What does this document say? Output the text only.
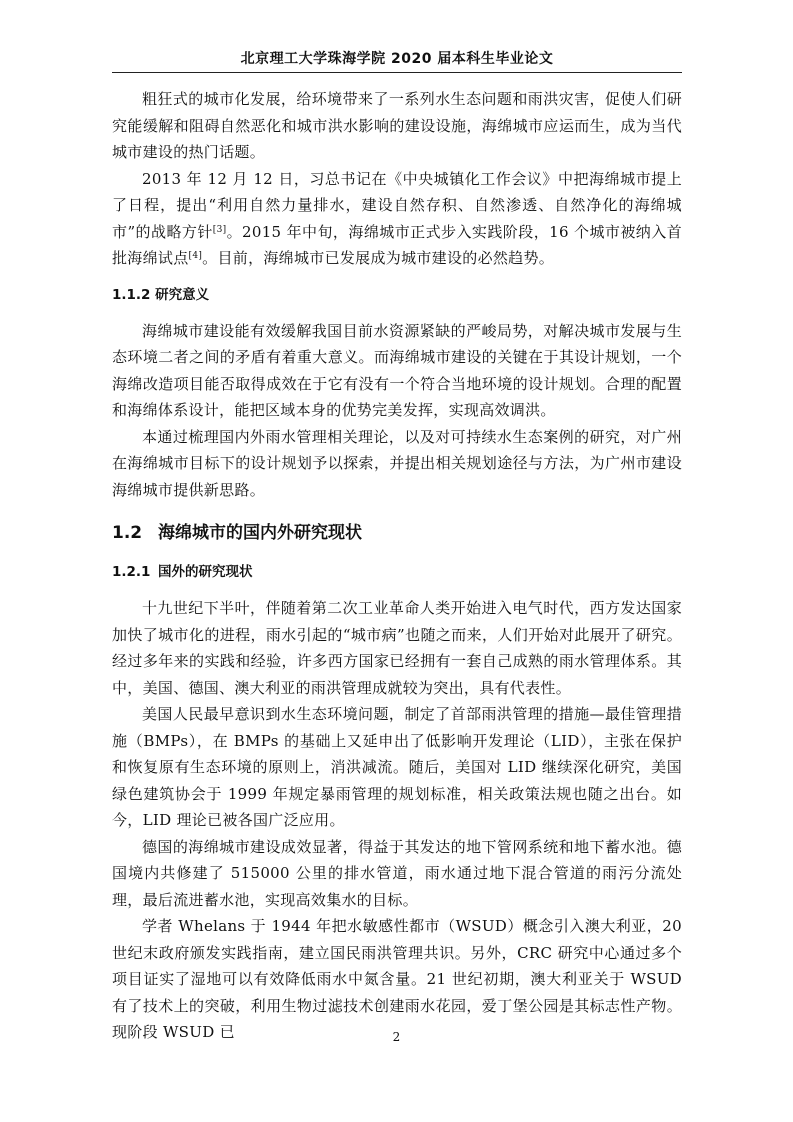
北京理工大学珠海学院 2020 届本科生毕业论文

粗狂式的城市化发展，给环境带来了一系列水生态问题和雨洪灾害，促使人们研究能缓解和阻碍自然恶化和城市洪水影响的建设设施，海绵城市应运而生，成为当代城市建设的热门话题。

2013 年 12 月 12 日，习总书记在《中央城镇化工作会议》中把海绵城市提上了日程，提出“利用自然力量排水，建设自然存积、自然渗透、自然净化的海绵城市”的战略方针[3]。2015 年中旬，海绵城市正式步入实践阶段，16 个城市被纳入首批海绵试点[4]。目前，海绵城市已发展成为城市建设的必然趋势。

1.1.2 研究意义

海绵城市建设能有效缓解我国目前水资源紧缺的严峻局势，对解决城市发展与生态环境二者之间的矛盾有着重大意义。而海绵城市建设的关键在于其设计规划，一个海绵改造项目能否取得成效在于它有没有一个符合当地环境的设计规划。合理的配置和海绵体系设计，能把区域本身的优势完美发挥，实现高效调洪。

本通过梳理国内外雨水管理相关理论，以及对可持续水生态案例的研究，对广州在海绵城市目标下的设计规划予以探索，并提出相关规划途径与方法，为广州市建设海绵城市提供新思路。

1.2 海绵城市的国内外研究现状
1.2.1 国外的研究现状

十九世纪下半叶，伴随着第二次工业革命人类开始进入电气时代，西方发达国家加快了城市化的进程，雨水引起的“城市病”也随之而来，人们开始对此展开了研究。经过多年来的实践和经验，许多西方国家已经拥有一套自己成熟的雨水管理体系。其中，美国、德国、澳大利亚的雨洪管理成就较为突出，具有代表性。

美国人民最早意识到水生态环境问题，制定了首部雨洪管理的措施—最佳管理措施（BMPs），在 BMPs 的基础上又延申出了低影响开发理论（LID），主张在保护和恢复原有生态环境的原则上，消洪减流。随后，美国对 LID 继续深化研究，美国绿色建筑协会于 1999 年规定暴雨管理的规划标准，相关政策法规也随之出台。如今，LID 理论已被各国广泛应用。

德国的海绵城市建设成效显著，得益于其发达的地下管网系统和地下蓄水池。德国境内共修建了 515000 公里的排水管道，雨水通过地下混合管道的雨污分流处理，最后流进蓄水池，实现高效集水的目标。

学者 Whelans 于 1944 年把水敏感性都市（WSUD）概念引入澳大利亚，20 世纪末政府颁发实践指南，建立国民雨洪管理共识。另外，CRC 研究中心通过多个项目证实了湿地可以有效降低雨水中氮含量。21 世纪初期，澳大利亚关于 WSUD 有了技术上的突破，利用生物过滤技术创建雨水花园，爱丁堡公园是其标志性产物。现阶段 WSUD 已	2
